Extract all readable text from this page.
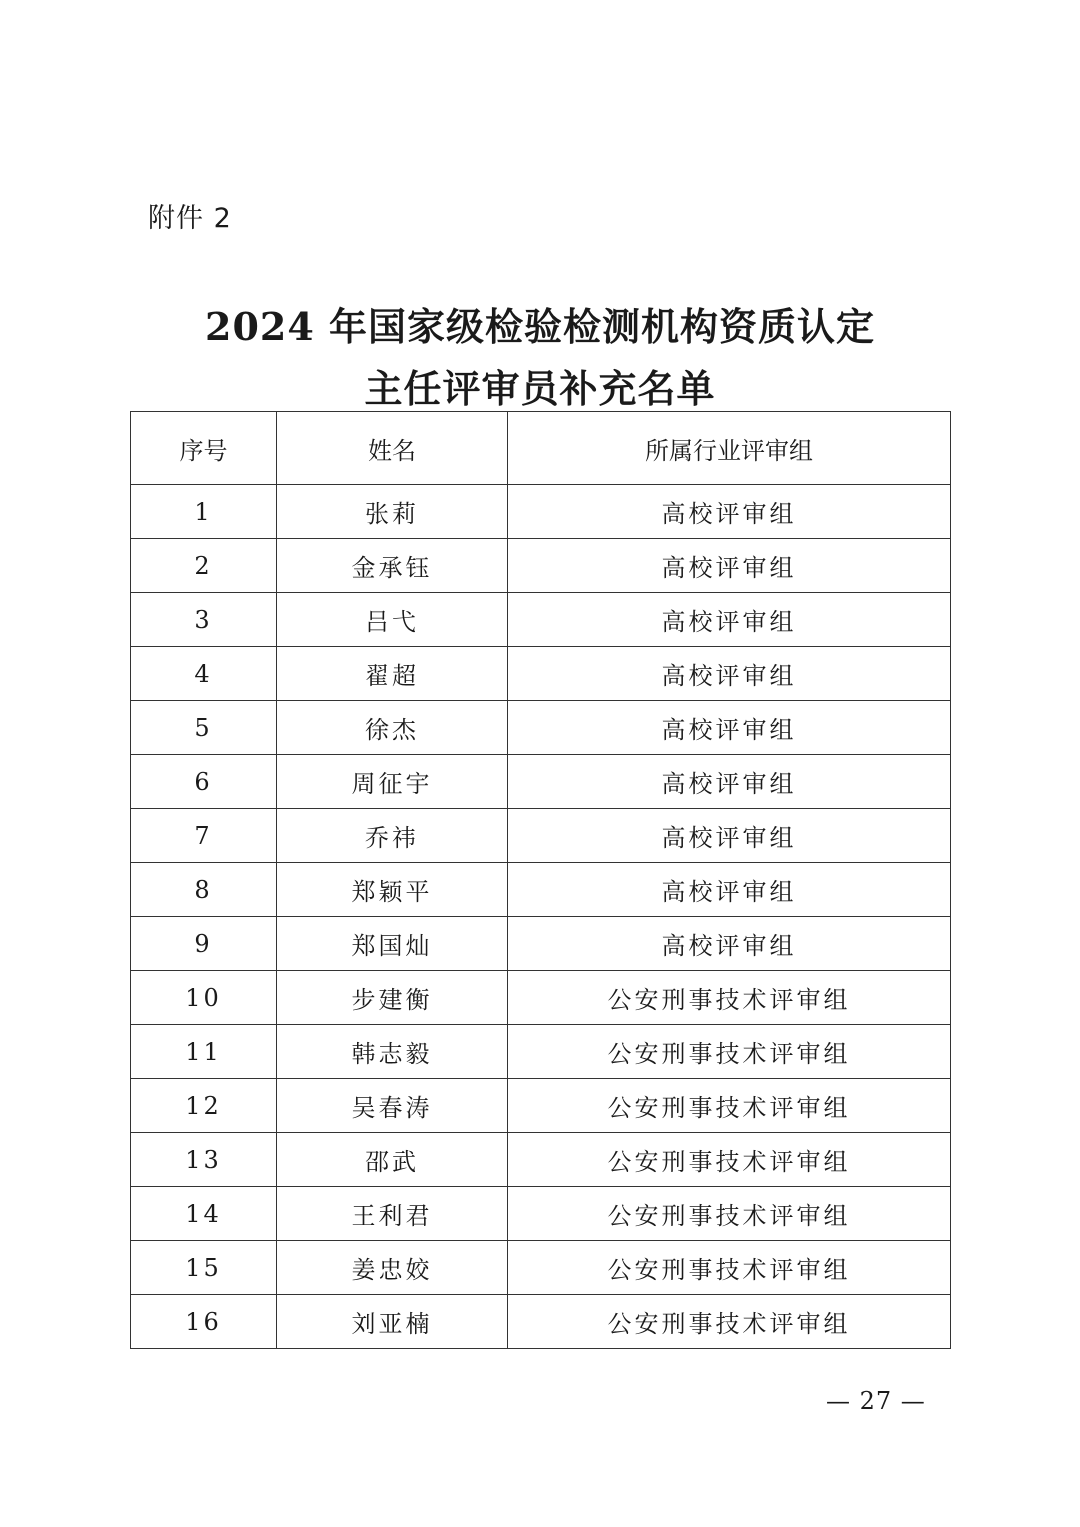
附件 2
2024 年国家级检验检测机构资质认定
主任评审员补充名单
序号	姓名	所属行业评审组
1	张莉	高校评审组
2	金承钰	高校评审组
3	吕弋	高校评审组
4	翟超	高校评审组
5	徐杰	高校评审组
6	周征宇	高校评审组
7	乔祎	高校评审组
8	郑颖平	高校评审组
9	郑国灿	高校评审组
10	步建衡	公安刑事技术评审组
11	韩志毅	公安刑事技术评审组
12	吴春涛	公安刑事技术评审组
13	邵武	公安刑事技术评审组
14	王利君	公安刑事技术评审组
15	姜忠姣	公安刑事技术评审组
16	刘亚楠	公安刑事技术评审组
— 27 —
